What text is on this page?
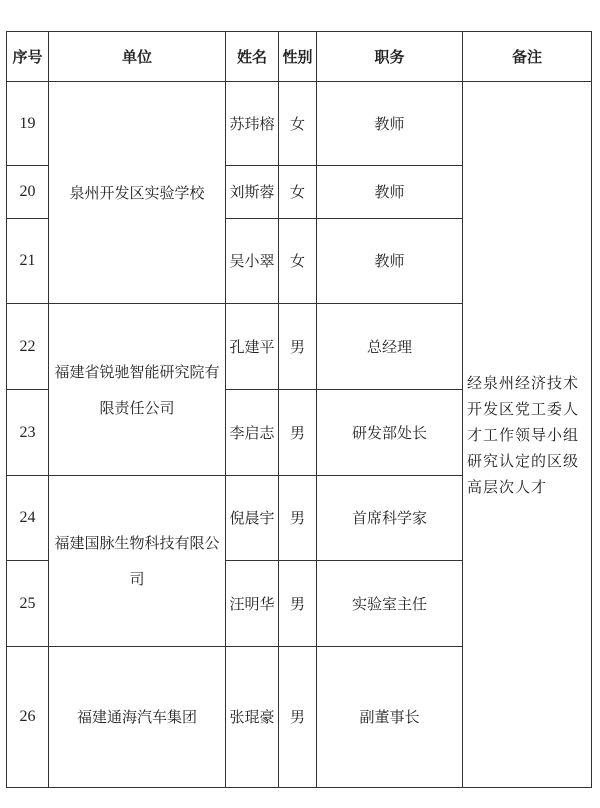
序号	单位	姓名	性别	职务	备注
19	泉州开发区实验学校	苏玮榕	女	教师	经泉州经济技术开发区党工委人才工作领导小组研究认定的区级高层次人才
20		刘斯蓉	女	教师	
21		吴小翠	女	教师	
22	福建省锐驰智能研究院有限责任公司	孔建平	男	总经理	
23		李启志	男	研发部处长	
24	福建国脉生物科技有限公司	倪晨宇	男	首席科学家	
25		汪明华	男	实验室主任	
26	福建通海汽车集团	张琨豪	男	副董事长	
